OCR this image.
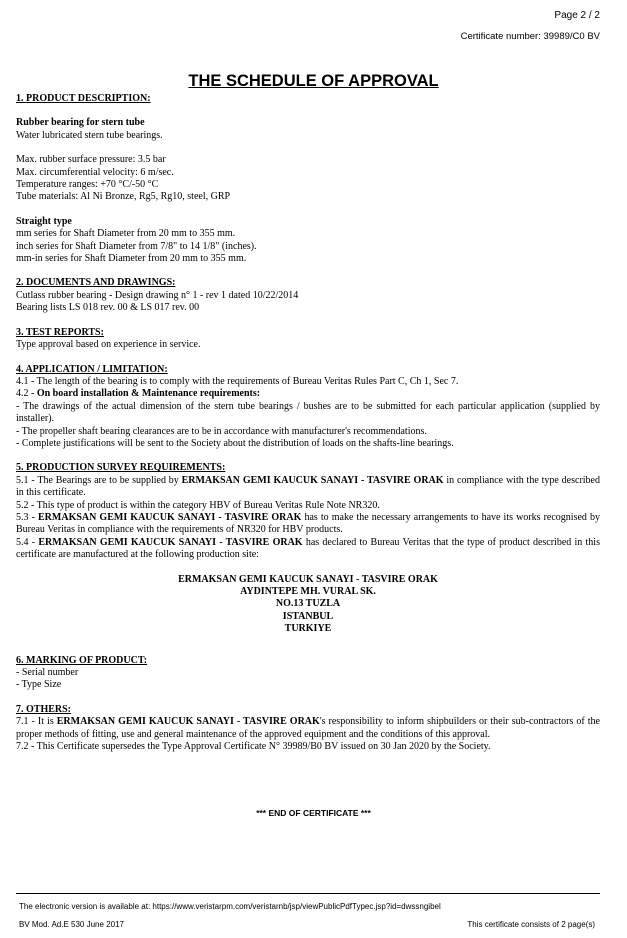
Page 2 / 2
Certificate number: 39989/C0 BV
THE SCHEDULE OF APPROVAL

1. PRODUCT DESCRIPTION:

Rubber bearing for stern tube

Water lubricated stern tube bearings.

Max. rubber surface pressure: 3.5 bar

Max. circumferential velocity: 6 m/sec.

Temperature ranges: +70 °C/-50 °C

Tube materials: Al Ni Bronze, Rg5, Rg10, steel, GRP

Straight type

mm series for Shaft Diameter from 20 mm to 355 mm.

inch series for Shaft Diameter from 7/8" to 14 1/8" (inches).

mm-in series for Shaft Diameter from 20 mm to 355 mm.

2. DOCUMENTS AND DRAWINGS:

Cutlass rubber bearing - Design drawing n° 1 - rev 1 dated 10/22/2014

Bearing lists LS 018 rev. 00 & LS 017 rev. 00

3. TEST REPORTS:

Type approval based on experience in service.

4. APPLICATION / LIMITATION:

4.1 - The length of the bearing is to comply with the requirements of Bureau Veritas Rules Part C, Ch 1, Sec 7.

4.2 - On board installation & Maintenance requirements:

- The drawings of the actual dimension of the stern tube bearings / bushes are to be submitted for each particular application (supplied by installer).

- The propeller shaft bearing clearances are to be in accordance with manufacturer's recommendations.

- Complete justifications will be sent to the Society about the distribution of loads on the shafts-line bearings.

5. PRODUCTION SURVEY REQUIREMENTS:

5.1 - The Bearings are to be supplied by ERMAKSAN GEMI KAUCUK SANAYI - TASVIRE ORAK in compliance with the type described in this certificate.

5.2 - This type of product is within the category HBV of Bureau Veritas Rule Note NR320.

5.3 - ERMAKSAN GEMI KAUCUK SANAYI - TASVIRE ORAK has to make the necessary arrangements to have its works recognised by Bureau Veritas in compliance with the requirements of NR320 for HBV products.

5.4 - ERMAKSAN GEMI KAUCUK SANAYI - TASVIRE ORAK has declared to Bureau Veritas that the type of product described in this certificate are manufactured at the following production site:

ERMAKSAN GEMI KAUCUK SANAYI - TASVIRE ORAK

AYDINTEPE MH. VURAL SK.

NO.13 TUZLA

ISTANBUL

TURKIYE

6. MARKING OF PRODUCT:

- Serial number

- Type Size

7. OTHERS:

7.1 - It is ERMAKSAN GEMI KAUCUK SANAYI - TASVIRE ORAK's responsibility to inform shipbuilders or their sub-contractors of the proper methods of fitting, use and general maintenance of the approved equipment and the conditions of this approval.

7.2 - This Certificate supersedes the Type Approval Certificate N° 39989/B0 BV issued on 30 Jan 2020 by the Society.

*** END OF CERTIFICATE ***
The electronic version is available at: https://www.veristarpm.com/veristarnb/jsp/viewPublicPdfTypec.jsp?id=dwssngibel
BV Mod. Ad.E 530 June 2017	This certificate consists of 2 page(s)
